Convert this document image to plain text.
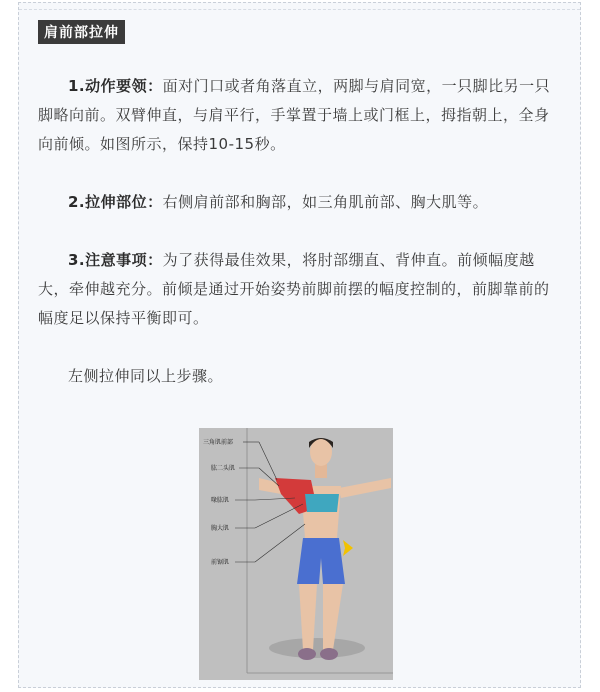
肩前部拉伸
1.动作要领：面对门口或者角落直立，两脚与肩同宽，一只脚比另一只脚略向前。双臂伸直，与肩平行，手掌置于墙上或门框上，拇指朝上，全身向前倾。如图所示，保持10-15秒。
2.拉伸部位：右侧肩前部和胸部，如三角肌前部、胸大肌等。
3.注意事项：为了获得最佳效果，将肘部绷直、背伸直。前倾幅度越大，牵伸越充分。前倾是通过开始姿势前脚前摆的幅度控制的，前脚靠前的幅度足以保持平衡即可。
左侧拉伸同以上步骤。
三角肌前部
肱二头肌
喙肱肌
胸大肌
前锯肌
